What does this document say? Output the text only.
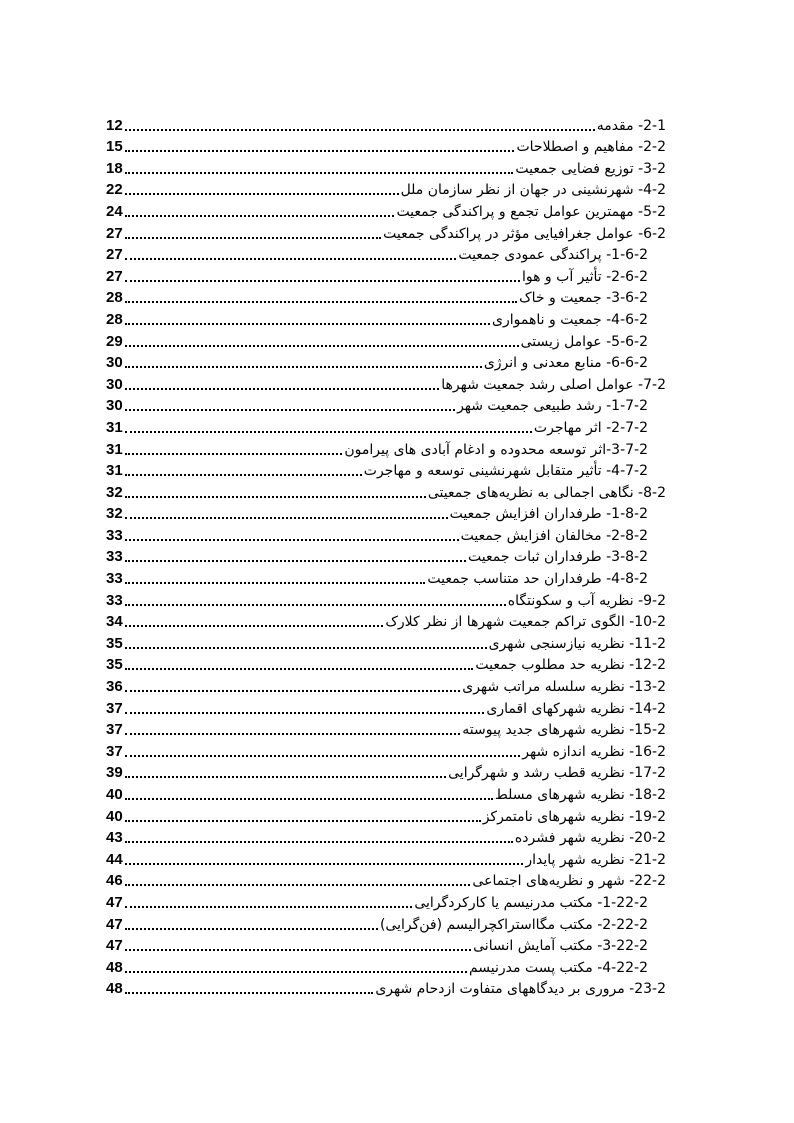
2-1- مقدمه
12
2-2- مفاهیم و اصطلاحات
15
3-2- توزیع فضایی جمعیت
18
4-2- شهرنشینی در جهان از نظر سازمان ملل
22
5-2- مهمترین عوامل تجمع و پراکندگی جمعیت
24
6-2- عوامل جغرافیایی مؤثر در پراکندگی جمعیت
27
1-6-2- پراکندگی عمودی جمعیت
27
2-6-2- تأثیر آب و هوا
27
3-6-2- جمعیت و خاک
28
4-6-2- جمعیت و ناهمواری
28
5-6-2- عوامل زیستی
29
6-6-2- منابع معدنی و انرژی
30
7-2- عوامل اصلی رشد جمعیت شهرها
30
1-7-2- رشد طبیعی جمعیت شهر
30
2-7-2- اثر مهاجرت
31
3-7-2-اثر توسعه محدوده و ادغام آبادی های پیرامون
31
4-7-2- تأثیر متقابل شهرنشینی توسعه و مهاجرت
31
8-2- نگاهی اجمالی به نظریه‌های جمعیتی
32
1-8-2- طرفداران افزایش جمعیت
32
2-8-2- مخالفان افزایش جمعیت
33
3-8-2- طرفداران ثبات جمعیت
33
4-8-2- طرفداران حد متناسب جمعیت
33
9-2- نظریه آب و سکونتگاه
33
10-2- الگوی تراکم جمعیت شهرها از نظر کلارک
34
11-2- نظریه نیازسنجی شهری
35
12-2- نظریه حد مطلوب جمعیت
35
13-2- نظریه سلسله مراتب شهری
36
14-2- نظریه شهرکهای اقماری
37
15-2- نظریه شهرهای جدید پیوسته
37
16-2- نظریه اندازه شهر
37
17-2- نظریه قطب رشد و شهرگرایی
39
18-2- نظریه شهرهای مسلط
40
19-2- نظریه شهرهای نامتمرکز
40
20-2- نظریه شهر فشرده
43
21-2- نظریه شهر پایدار
44
22-2- شهر و نظریه‌های اجتماعی
46
1-22-2- مکتب مدرنیسم یا کارکردگرایی
47
2-22-2- مکتب مگااستراکچرالیسم (فن‌گرایی)
47
3-22-2- مکتب آمایش انسانی
47
4-22-2- مکتب پست مدرنیسم
48
23-2- مروری بر دیدگاههای متفاوت ازدحام شهری
48
